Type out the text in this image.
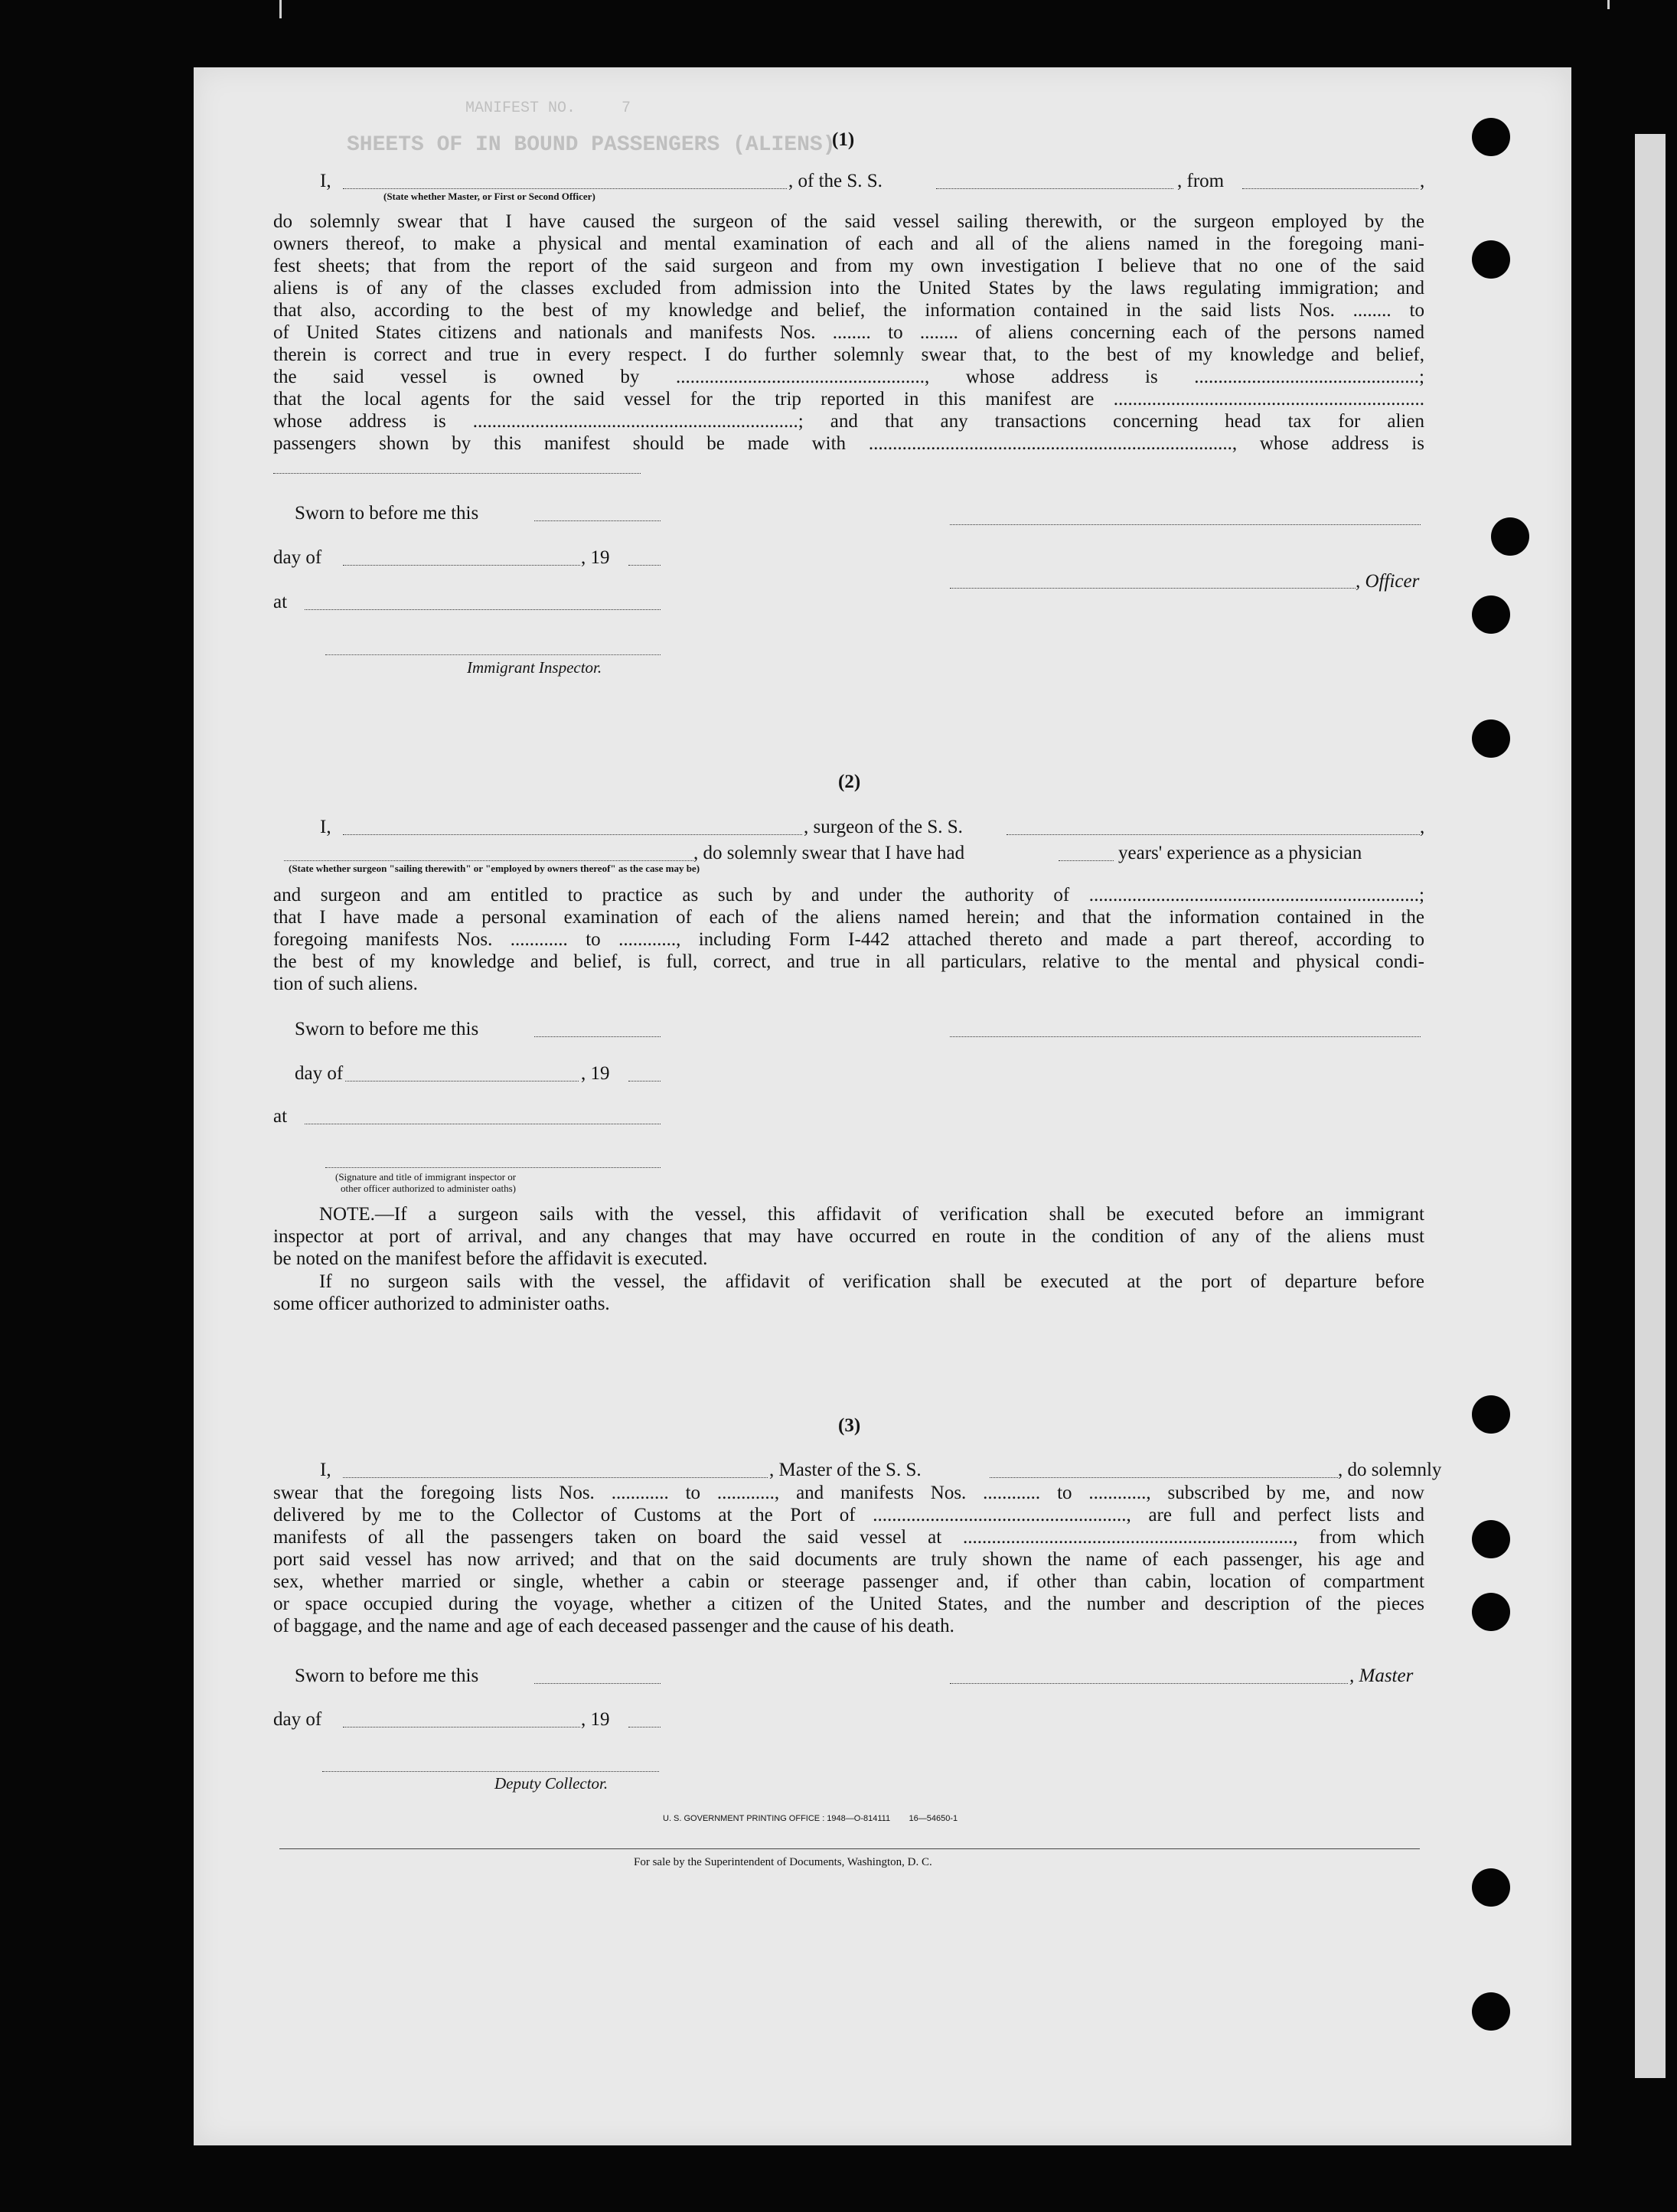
MANIFEST NO.     7
SHEETS OF IN BOUND PASSENGERS (ALIENS)
(1)
I,	, of the S. S.	, from	,
(State whether Master, or First or Second Officer)
do solemnly swear that I have caused the surgeon of the said vessel sailing therewith, or the surgeon employed by the
owners thereof, to make a physical and mental examination of each and all of the aliens named in the foregoing mani-
fest sheets; that from the report of the said surgeon and from my own investigation I believe that no one of the said
aliens is of any of the classes excluded from admission into the United States by the laws regulating immigration; and
that also, according to the best of my knowledge and belief, the information contained in the said lists Nos. ........ to
of United States citizens and nationals and manifests Nos. ........ to ........ of aliens concerning each of the persons named
therein is correct and true in every respect. I do further solemnly swear that, to the best of my knowledge and belief,
the said vessel is owned by ...................................................., whose address is ...............................................;
that the local agents for the said vessel for the trip reported in this manifest are .................................................................
whose address is ....................................................................; and that any transactions concerning head tax for alien
passengers shown by this manifest should be made with ............................................................................, whose address is
Sworn to before me this
day of	, 19
, Officer
at
Immigrant Inspector.
(2)
I,	, surgeon of the S. S.	,
, do solemnly swear that I have had	years' experience as a physician
(State whether surgeon "sailing therewith" or "employed by owners thereof" as the case may be)
and surgeon and am entitled to practice as such by and under the authority of .....................................................................;
that I have made a personal examination of each of the aliens named herein; and that the information contained in the
foregoing manifests Nos. ............ to ............, including Form I-442 attached thereto and made a part thereof, according to
the best of my knowledge and belief, is full, correct, and true in all particulars, relative to the mental and physical condi-
tion of such aliens.
Sworn to before me this
day of	, 19
at
(Signature and title of immigrant inspector or
other officer authorized to administer oaths)
NOTE.—If a surgeon sails with the vessel, this affidavit of verification shall be executed before an immigrant
inspector at port of arrival, and any changes that may have occurred en route in the condition of any of the aliens must
be noted on the manifest before the affidavit is executed.
If no surgeon sails with the vessel, the affidavit of verification shall be executed at the port of departure before
some officer authorized to administer oaths.
(3)
I,	, Master of the S. S.	, do solemnly
swear that the foregoing lists Nos. ............ to ............, and manifests Nos. ............ to ............, subscribed by me, and now
delivered by me to the Collector of Customs at the Port of ....................................................., are full and perfect lists and
manifests of all the passengers taken on board the said vessel at ....................................................................., from which
port said vessel has now arrived; and that on the said documents are truly shown the name of each passenger, his age and
sex, whether married or single, whether a cabin or steerage passenger and, if other than cabin, location of compartment
or space occupied during the voyage, whether a citizen of the United States, and the number and description of the pieces
of baggage, and the name and age of each deceased passenger and the cause of his death.
Sworn to before me this	, Master
day of	, 19
Deputy Collector.
U. S. GOVERNMENT PRINTING OFFICE : 1948—O-814111        16—54650-1
For sale by the Superintendent of Documents, Washington, D. C.
